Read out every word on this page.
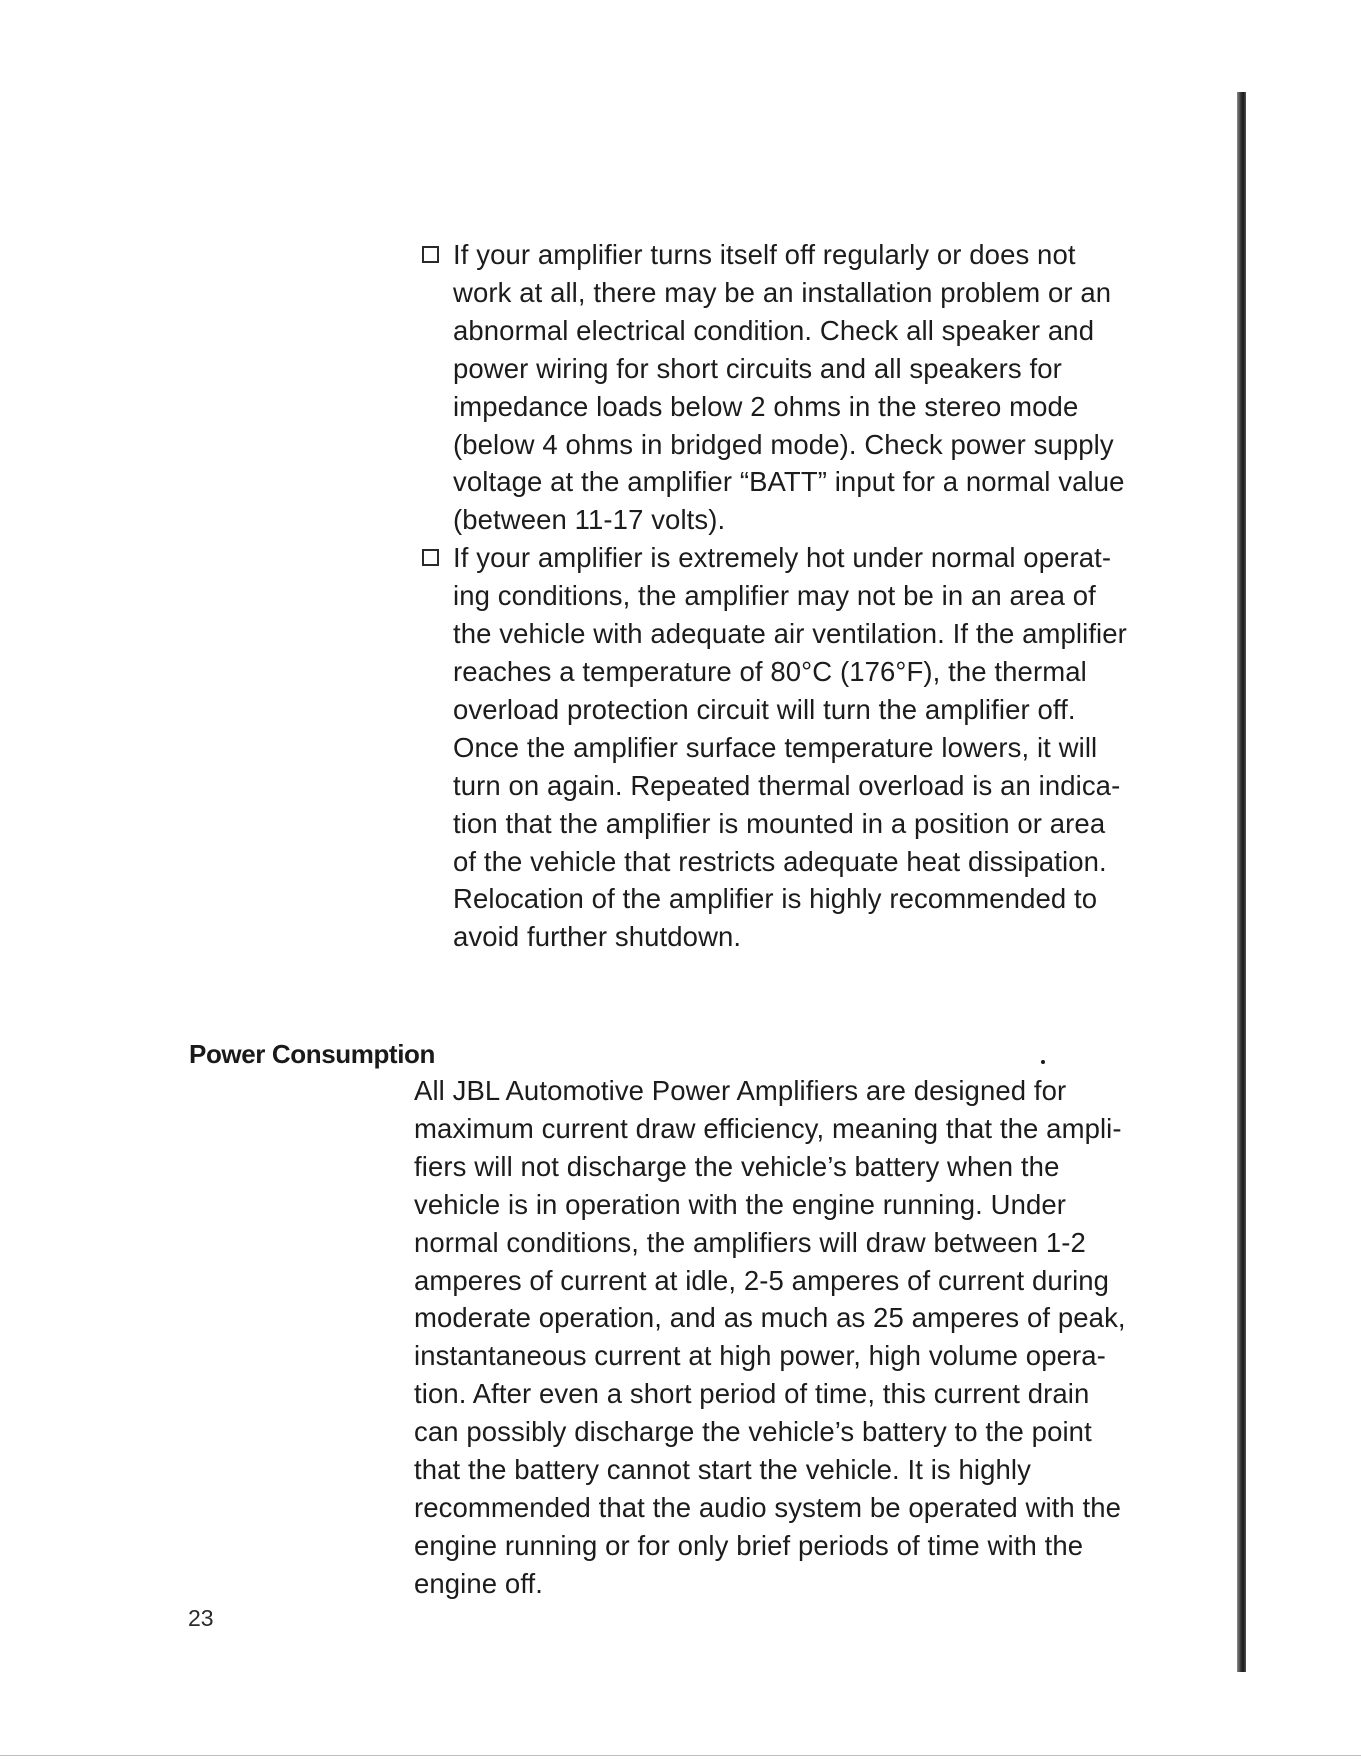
If your amplifier turns itself off regularly or does not
work at all, there may be an installation problem or an
abnormal electrical condition. Check all speaker and
power wiring for short circuits and all speakers for
impedance loads below 2 ohms in the stereo mode
(below 4 ohms in bridged mode). Check power supply
voltage at the amplifier “BATT” input for a normal value
(between 11-17 volts).
If your amplifier is extremely hot under normal operat-
ing conditions, the amplifier may not be in an area of
the vehicle with adequate air ventilation. If the amplifier
reaches a temperature of 80°C (176°F), the thermal
overload protection circuit will turn the amplifier off.
Once the amplifier surface temperature lowers, it will
turn on again. Repeated thermal overload is an indica-
tion that the amplifier is mounted in a position or area
of the vehicle that restricts adequate heat dissipation.
Relocation of the amplifier is highly recommended to
avoid further shutdown.
Power Consumption

All JBL Automotive Power Amplifiers are designed for
maximum current draw efficiency, meaning that the ampli-
fiers will not discharge the vehicle’s battery when the
vehicle is in operation with the engine running. Under
normal conditions, the amplifiers will draw between 1-2
amperes of current at idle, 2-5 amperes of current during
moderate operation, and as much as 25 amperes of peak,
instantaneous current at high power, high volume opera-
tion. After even a short period of time, this current drain
can possibly discharge the vehicle’s battery to the point
that the battery cannot start the vehicle. It is highly
recommended that the audio system be operated with the
engine running or for only brief periods of time with the
engine off.

23
